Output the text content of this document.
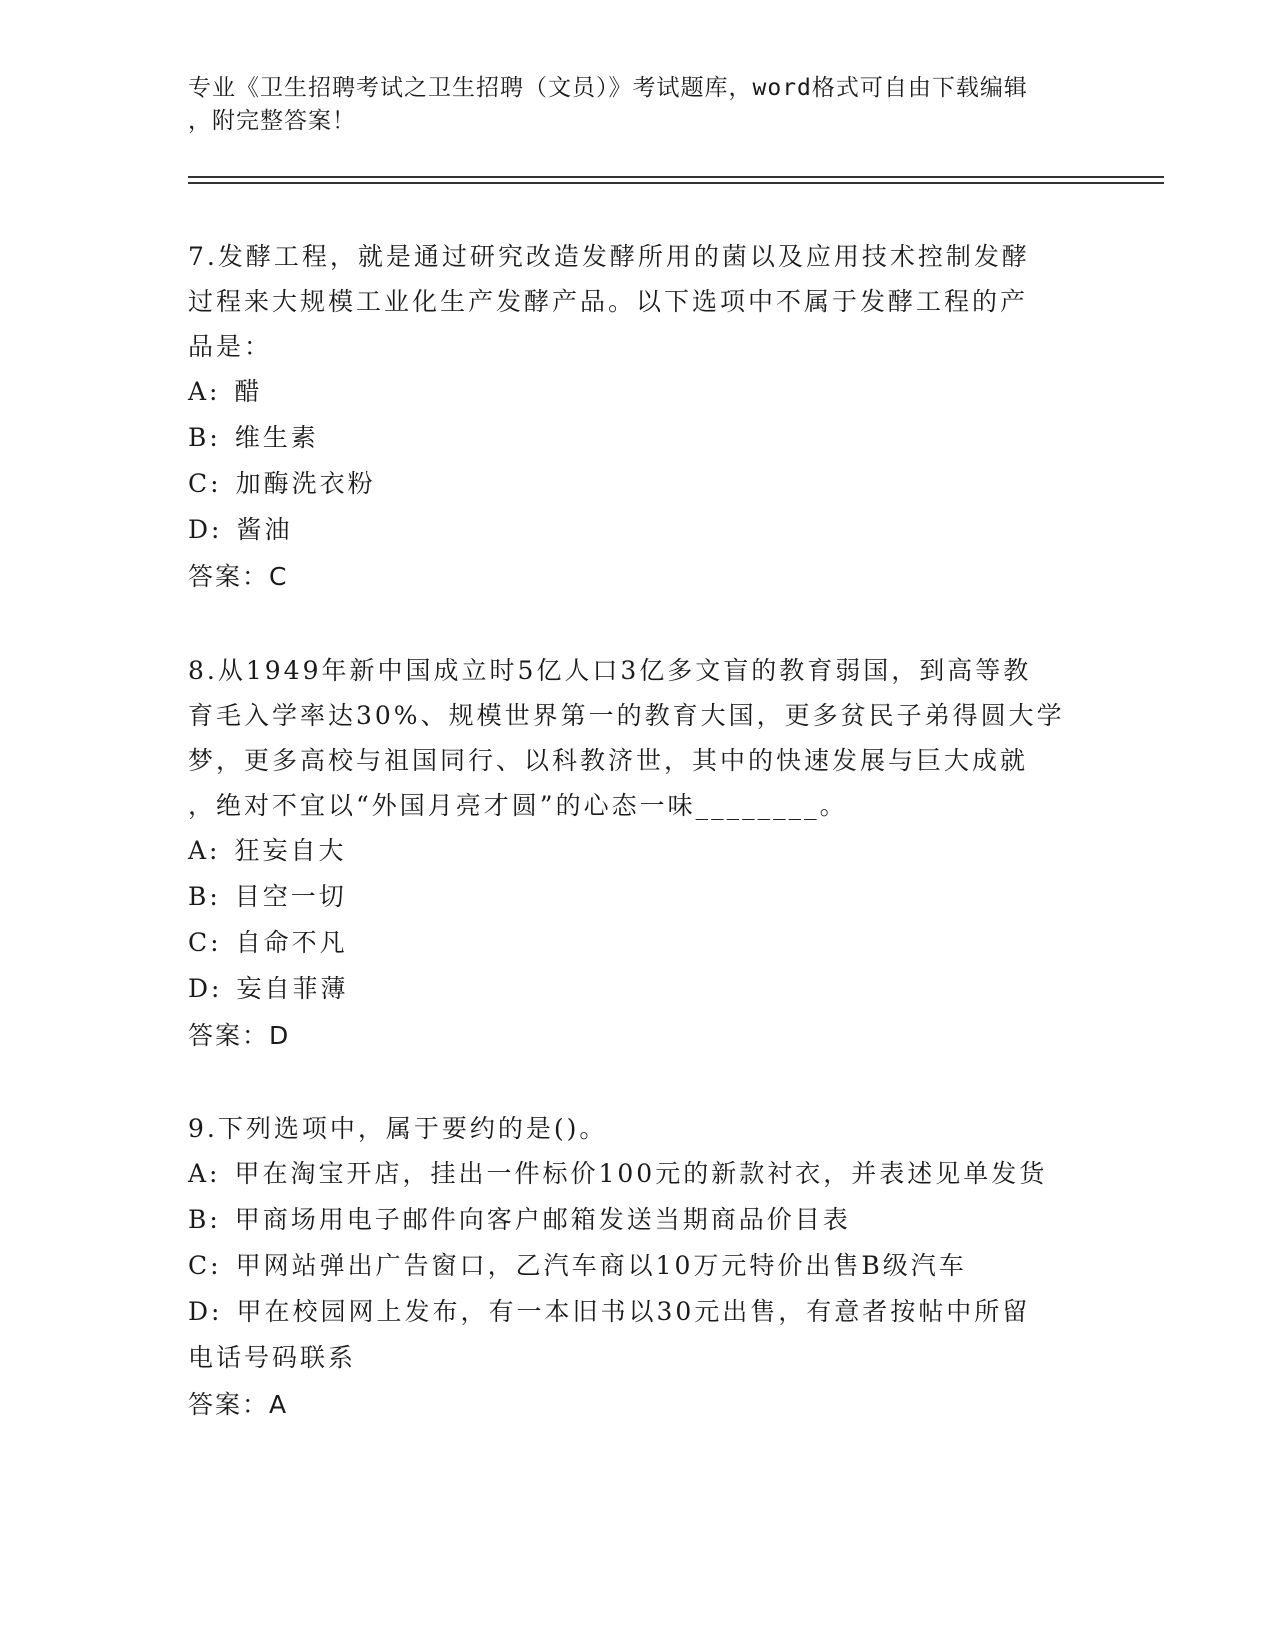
专业《卫生招聘考试之卫生招聘（文员）》考试题库，word格式可自由下载编辑
，附完整答案！
7.发酵工程，就是通过研究改造发酵所用的菌以及应用技术控制发酵
过程来大规模工业化生产发酵产品。以下选项中不属于发酵工程的产
品是：
A: 醋
B: 维生素
C: 加酶洗衣粉
D: 酱油
答案：C
8.从1949年新中国成立时5亿人口3亿多文盲的教育弱国，到高等教
育毛入学率达30%、规模世界第一的教育大国，更多贫民子弟得圆大学
梦，更多高校与祖国同行、以科教济世，其中的快速发展与巨大成就
，绝对不宜以“外国月亮才圆”的心态一味________。
A: 狂妄自大
B: 目空一切
C: 自命不凡
D: 妄自菲薄
答案：D
9.下列选项中，属于要约的是()。
A: 甲在淘宝开店，挂出一件标价100元的新款衬衣，并表述见单发货
B: 甲商场用电子邮件向客户邮箱发送当期商品价目表
C: 甲网站弹出广告窗口，乙汽车商以10万元特价出售B级汽车
D: 甲在校园网上发布，有一本旧书以30元出售，有意者按帖中所留
电话号码联系
答案：A
